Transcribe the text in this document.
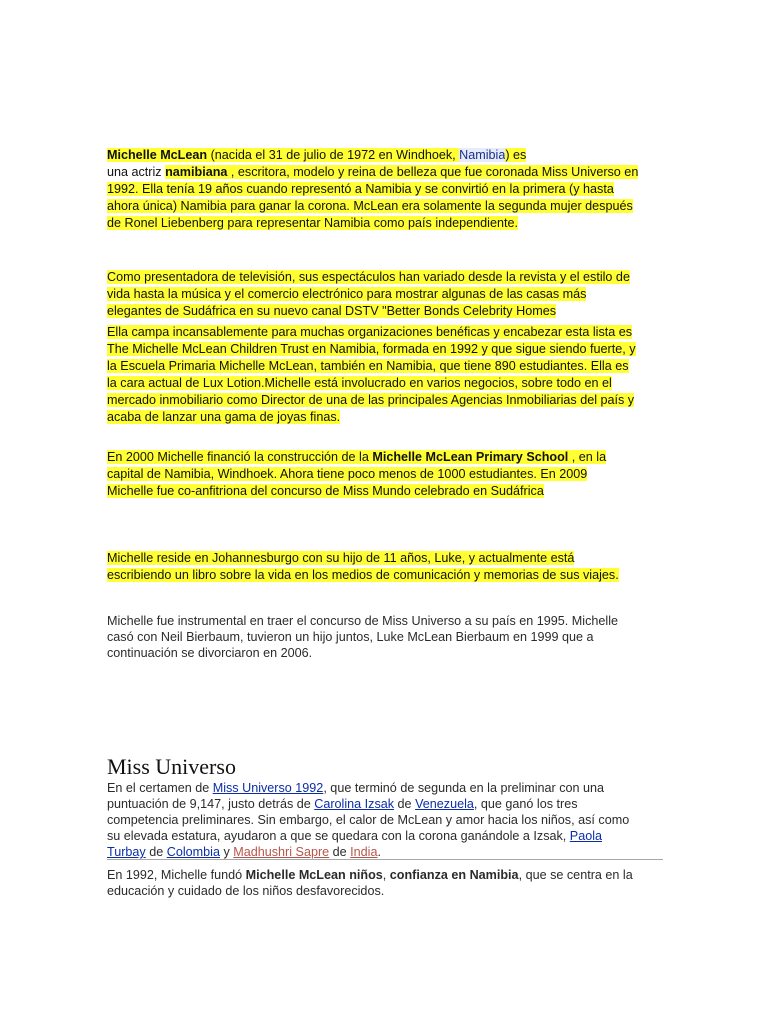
Michelle McLean (nacida el 31 de julio de 1972 en Windhoek, Namibia) es
una actriz namibiana , escritora, modelo y reina de belleza que fue coronada Miss Universo en
1992. Ella tenía 19 años cuando representó a Namibia y se convirtió en la primera (y hasta
ahora única) Namibia para ganar la corona. McLean era solamente la segunda mujer después
de Ronel Liebenberg para representar Namibia como país independiente.
Como presentadora de televisión, sus espectáculos han variado desde la revista y el estilo de
vida hasta la música y el comercio electrónico para mostrar algunas de las casas más
elegantes de Sudáfrica en su nuevo canal DSTV "Better Bonds Celebrity Homes
Ella campa incansablemente para muchas organizaciones benéficas y encabezar esta lista es
The Michelle McLean Children Trust en Namibia, formada en 1992 y que sigue siendo fuerte, y
la Escuela Primaria Michelle McLean, también en Namibia, que tiene 890 estudiantes. Ella es
la cara actual de Lux Lotion.Michelle está involucrado en varios negocios, sobre todo en el
mercado inmobiliario como Director de una de las principales Agencias Inmobiliarias del país y
acaba de lanzar una gama de joyas finas.
En 2000 Michelle financió la construcción de la Michelle McLean Primary School , en la
capital de Namibia, Windhoek. Ahora tiene poco menos de 1000 estudiantes. En 2009
Michelle fue co-anfitriona del concurso de Miss Mundo celebrado en Sudáfrica
Michelle reside en Johannesburgo con su hijo de 11 años, Luke, y actualmente está
escribiendo un libro sobre la vida en los medios de comunicación y memorias de sus viajes.
Michelle fue instrumental en traer el concurso de Miss Universo a su país en 1995. Michelle
casó con Neil Bierbaum, tuvieron un hijo juntos, Luke McLean Bierbaum en 1999 que a
continuación se divorciaron en 2006.
Miss Universo
En el certamen de Miss Universo 1992, que terminó de segunda en la preliminar con una
puntuación de 9,147, justo detrás de Carolina Izsak de Venezuela, que ganó los tres
competencia preliminares. Sin embargo, el calor de McLean y amor hacia los niños, así como
su elevada estatura, ayudaron a que se quedara con la corona ganándole a Izsak, Paola
Turbay de Colombia y Madhushri Sapre de India.
En 1992, Michelle fundó Michelle McLean niños, confianza en Namibia, que se centra en la
educación y cuidado de los niños desfavorecidos.
